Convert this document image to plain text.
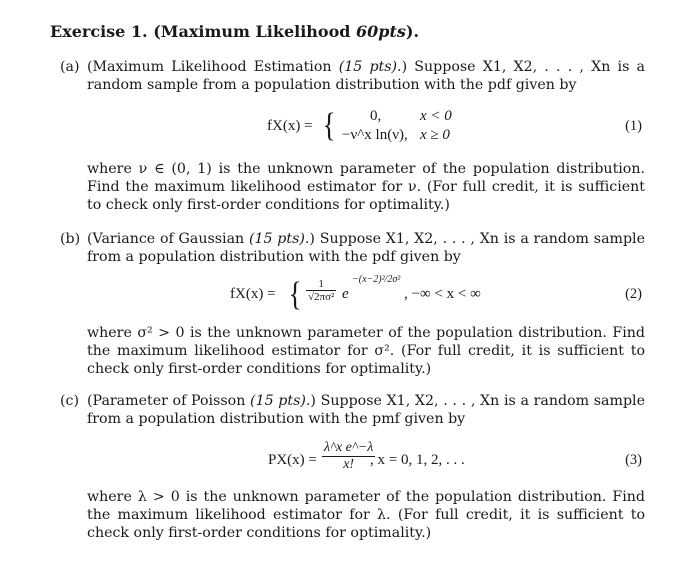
Exercise 1. (Maximum Likelihood 60pts).
(a) (Maximum Likelihood Estimation (15 pts).) Suppose X1, X2, . . . , Xn is a random sample from a population distribution with the pdf given by
fX(x) = { 0,	x < 0
−ν^x ln(ν), x ≥ 0
(1)
where ν ∈ (0, 1) is the unknown parameter of the population distribution. Find the maximum likelihood estimator for ν. (For full credit, it is sufficient to check only first-order conditions for optimality.)
(b) (Variance of Gaussian (15 pts).) Suppose X1, X2, . . . , Xn is a random sample from a population distribution with the pdf given by
fX(x) = { $\frac{1}{\text{√2πσ²}}$ e
−(x−2)²/2σ²
, −∞ < x < ∞	(2)
where σ² > 0 is the unknown parameter of the population distribution. Find the maximum likelihood estimator for σ². (For full credit, it is sufficient to check only first-order conditions for optimality.)
(c) (Parameter of Poisson (15 pts).) Suppose X1, X2, . . . , Xn is a random sample from a population distribution with the pmf given by
$PX(x) = \frac{\text{λ\textasciicircum{}x e\textasciicircum{}−λ}}{x!}$
, x = 0, 1, 2, . . .	(3)
where λ > 0 is the unknown parameter of the population distribution. Find the maximum likelihood estimator for λ. (For full credit, it is sufficient to check only first-order conditions for optimality.)
